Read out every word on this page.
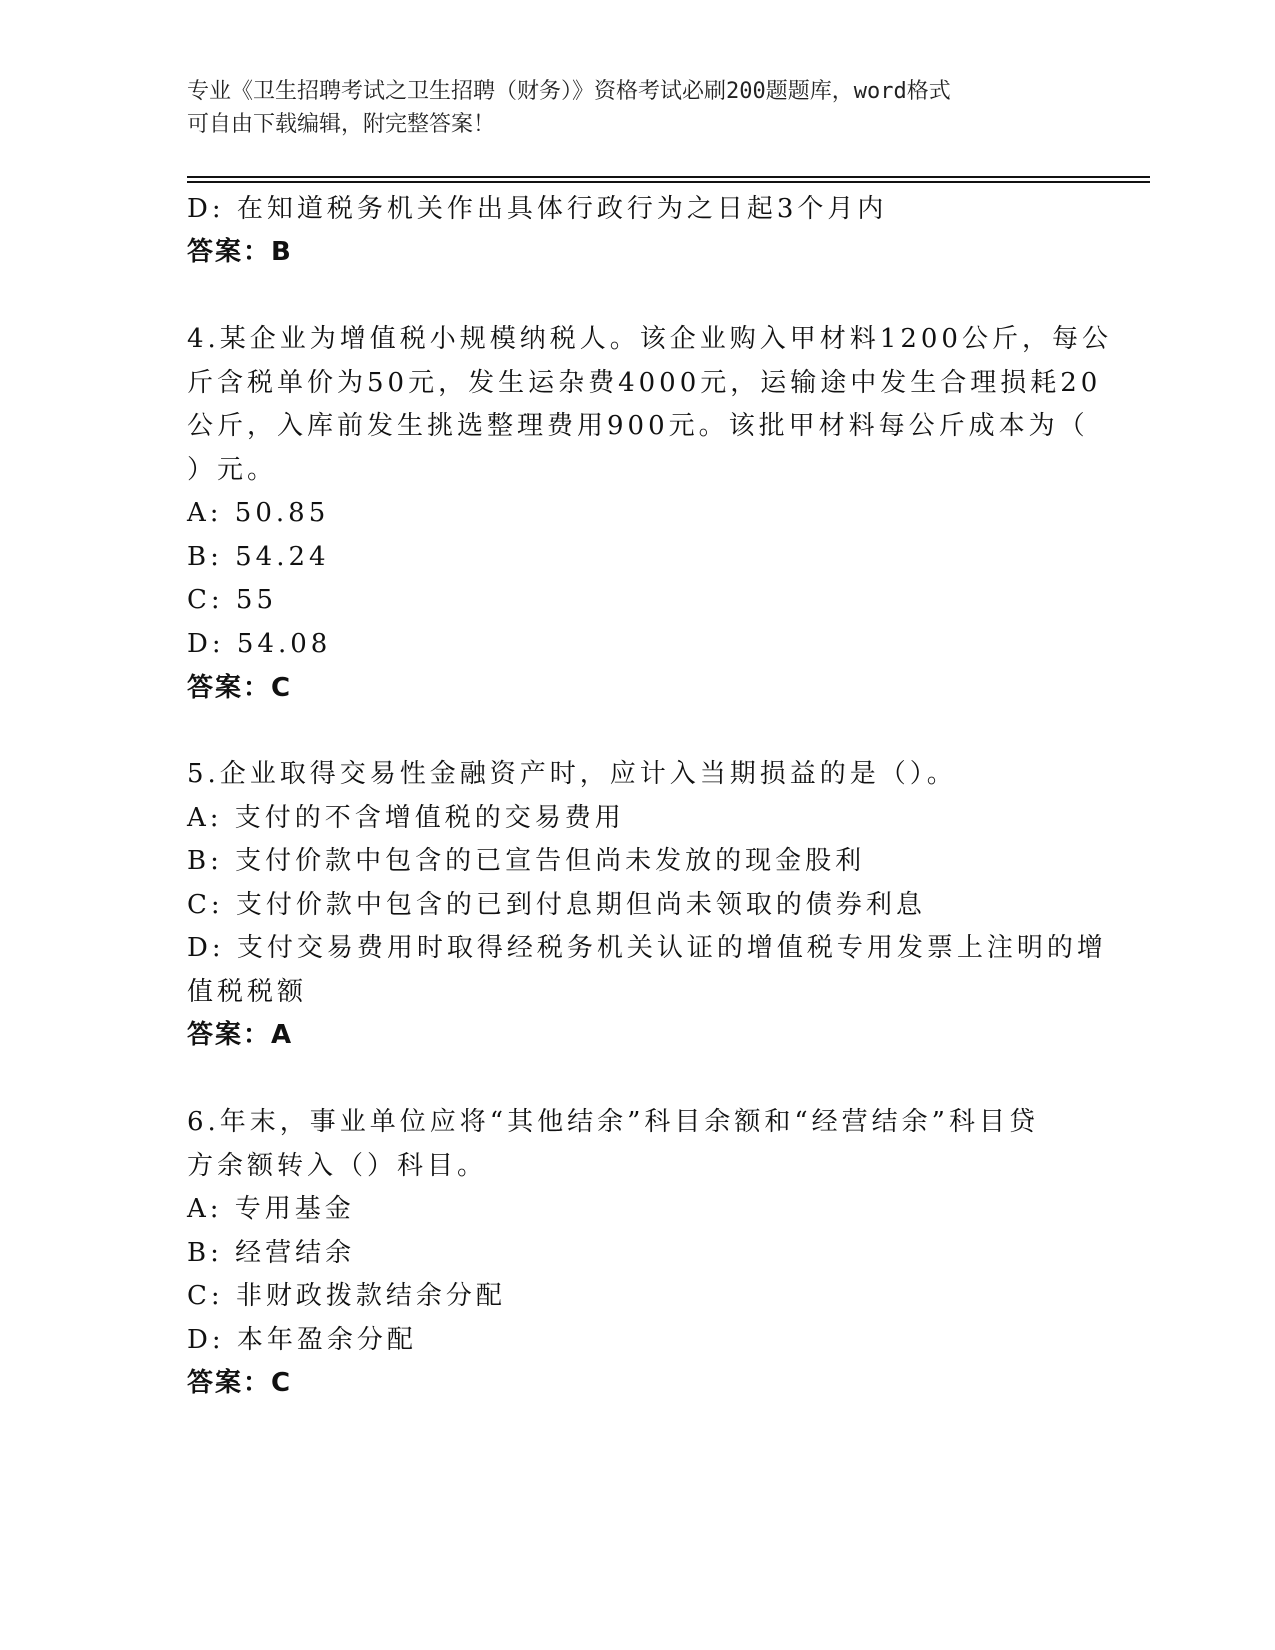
专业《卫生招聘考试之卫生招聘（财务）》资格考试必刷200题题库，word格式
可自由下载编辑，附完整答案！
D: 在知道税务机关作出具体行政行为之日起3个月内
答案：B
4.某企业为增值税小规模纳税人。该企业购入甲材料1200公斤，每公
斤含税单价为50元，发生运杂费4000元，运输途中发生合理损耗20
公斤，入库前发生挑选整理费用900元。该批甲材料每公斤成本为（
）元。
A: 50.85
B: 54.24
C: 55
D: 54.08
答案：C
5.企业取得交易性金融资产时，应计入当期损益的是（）。
A: 支付的不含增值税的交易费用
B: 支付价款中包含的已宣告但尚未发放的现金股利
C: 支付价款中包含的已到付息期但尚未领取的债券利息
D: 支付交易费用时取得经税务机关认证的增值税专用发票上注明的增
值税税额
答案：A
6.年末，事业单位应将“其他结余”科目余额和“经营结余”科目贷
方余额转入（）科目。
A: 专用基金
B: 经营结余
C: 非财政拨款结余分配
D: 本年盈余分配
答案：C
